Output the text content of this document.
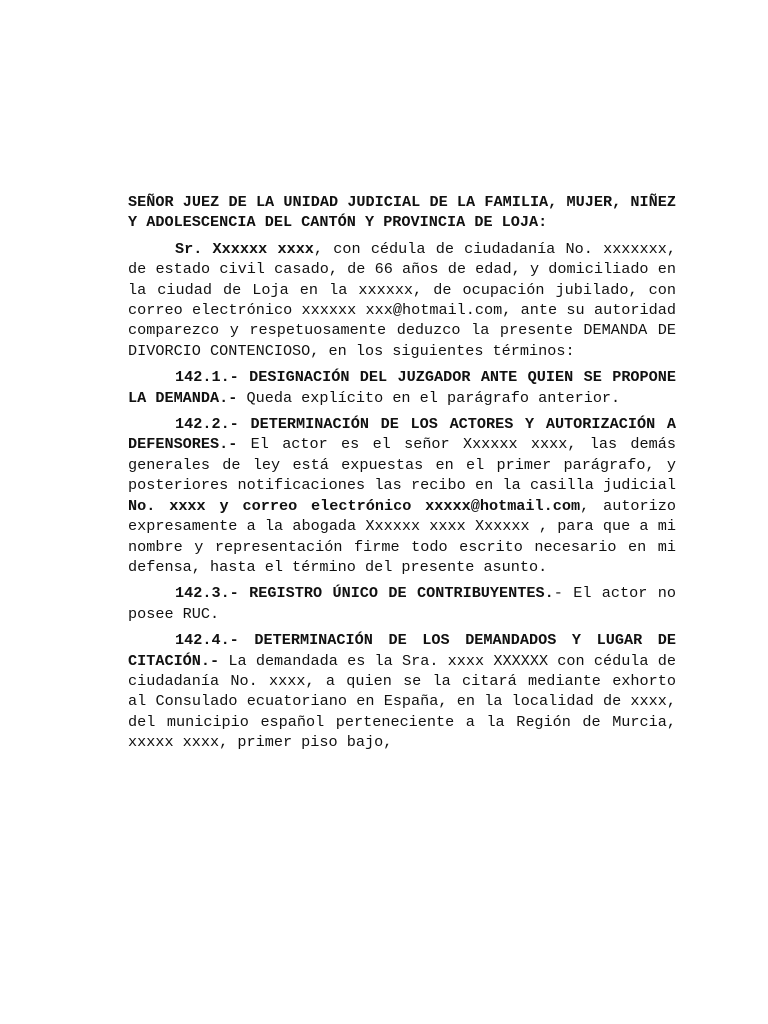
SEÑOR JUEZ DE LA UNIDAD JUDICIAL DE LA FAMILIA, MUJER, NIÑEZ Y ADOLESCENCIA DEL CANTÓN Y PROVINCIA DE LOJA:

Sr. Xxxxxx xxxx, con cédula de ciudadanía No. xxxxxxx, de estado civil casado, de 66 años de edad, y domiciliado en la ciudad de Loja en la xxxxxx, de ocupación jubilado, con correo electrónico xxxxxx xxx@hotmail.com, ante su autoridad comparezco y respetuosamente deduzco la presente DEMANDA DE DIVORCIO CONTENCIOSO, en los siguientes términos:

142.1.- DESIGNACIÓN DEL JUZGADOR ANTE QUIEN SE PROPONE LA DEMANDA.- Queda explícito en el parágrafo anterior.

142.2.- DETERMINACIÓN DE LOS ACTORES Y AUTORIZACIÓN A DEFENSORES.- El actor es el señor Xxxxxx xxxx, las demás generales de ley está expuestas en el primer parágrafo, y posteriores notificaciones las recibo en la casilla judicial No. xxxx y correo electrónico xxxxx@hotmail.com, autorizo expresamente a la abogada Xxxxxx xxxx Xxxxxx , para que a mi nombre y representación firme todo escrito necesario en mi defensa, hasta el término del presente asunto.

142.3.- REGISTRO ÚNICO DE CONTRIBUYENTES.- El actor no posee RUC.

142.4.- DETERMINACIÓN DE LOS DEMANDADOS Y LUGAR DE CITACIÓN.- La demandada es la Sra. xxxx XXXXXX con cédula de ciudadanía No. xxxx, a quien se la citará mediante exhorto al Consulado ecuatoriano en España, en la localidad de xxxx, del municipio español perteneciente a la Región de Murcia, xxxxx xxxx, primer piso bajo,
